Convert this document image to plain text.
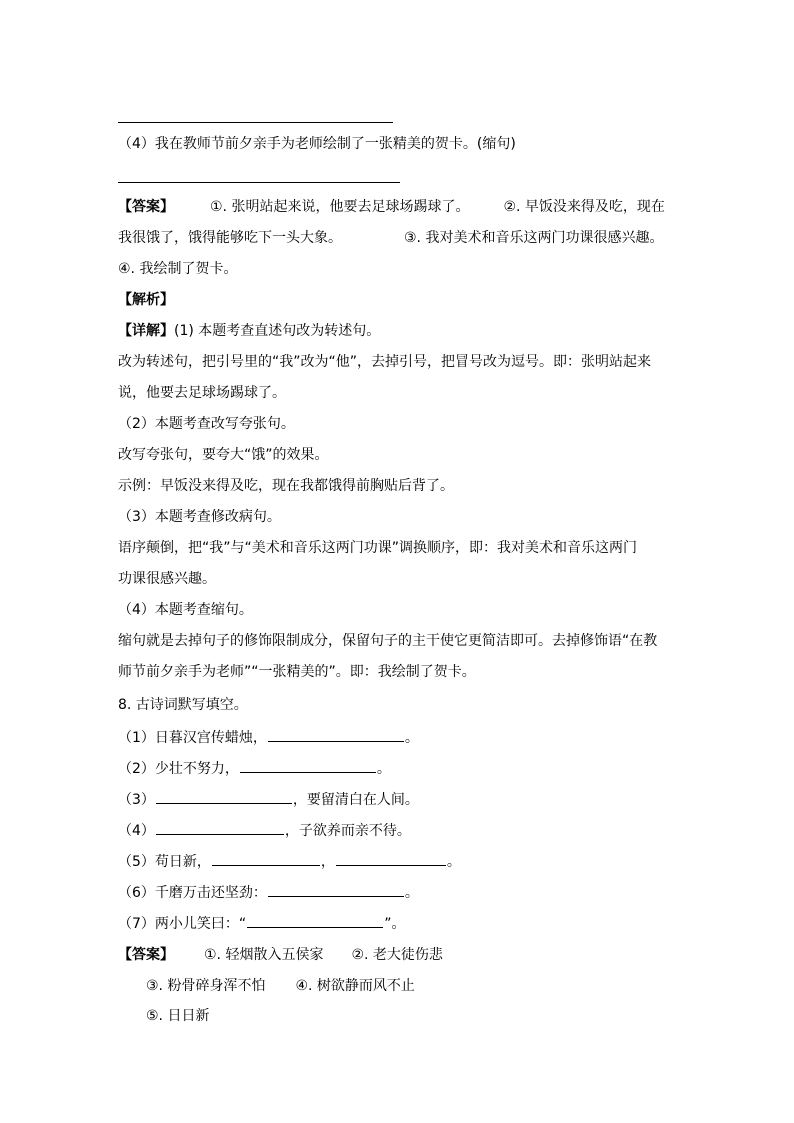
（4）我在教师节前夕亲手为老师绘制了一张精美的贺卡。(缩句)
【答案】	①. 张明站起来说，他要去足球场踢球了。 ②. 早饭没来得及吃，现在
我很饿了，饿得能够吃下一头大象。	③. 我对美术和音乐这两门功课很感兴趣。
④. 我绘制了贺卡。
【解析】
【详解】(1) 本题考查直述句改为转述句。
改为转述句，把引号里的“我”改为“他”，去掉引号，把冒号改为逗号。即：张明站起来
说，他要去足球场踢球了。
（2）本题考查改写夸张句。
改写夸张句，要夸大“饿”的效果。
示例：早饭没来得及吃，现在我都饿得前胸贴后背了。
（3）本题考查修改病句。
语序颠倒，把“我”与“美术和音乐这两门功课”调换顺序，即：我对美术和音乐这两门
功课很感兴趣。
（4）本题考查缩句。
缩句就是去掉句子的修饰限制成分，保留句子的主干使它更简洁即可。去掉修饰语“在教
师节前夕亲手为老师”“一张精美的”。即：我绘制了贺卡。
8. 古诗词默写填空。
（1）日暮汉宫传蜡烛，	。
（2）少壮不努力，	。
（3）	，要留清白在人间。
（4）	，子欲养而亲不待。
（5）苟日新，	，	。
（6）千磨万击还坚劲：	。
（7）两小儿笑曰：“	”。
【答案】 ①. 轻烟散入五侯家 ②. 老大徒伤悲
③. 粉骨碎身浑不怕 ④. 树欲静而风不止
⑤. 日日新
